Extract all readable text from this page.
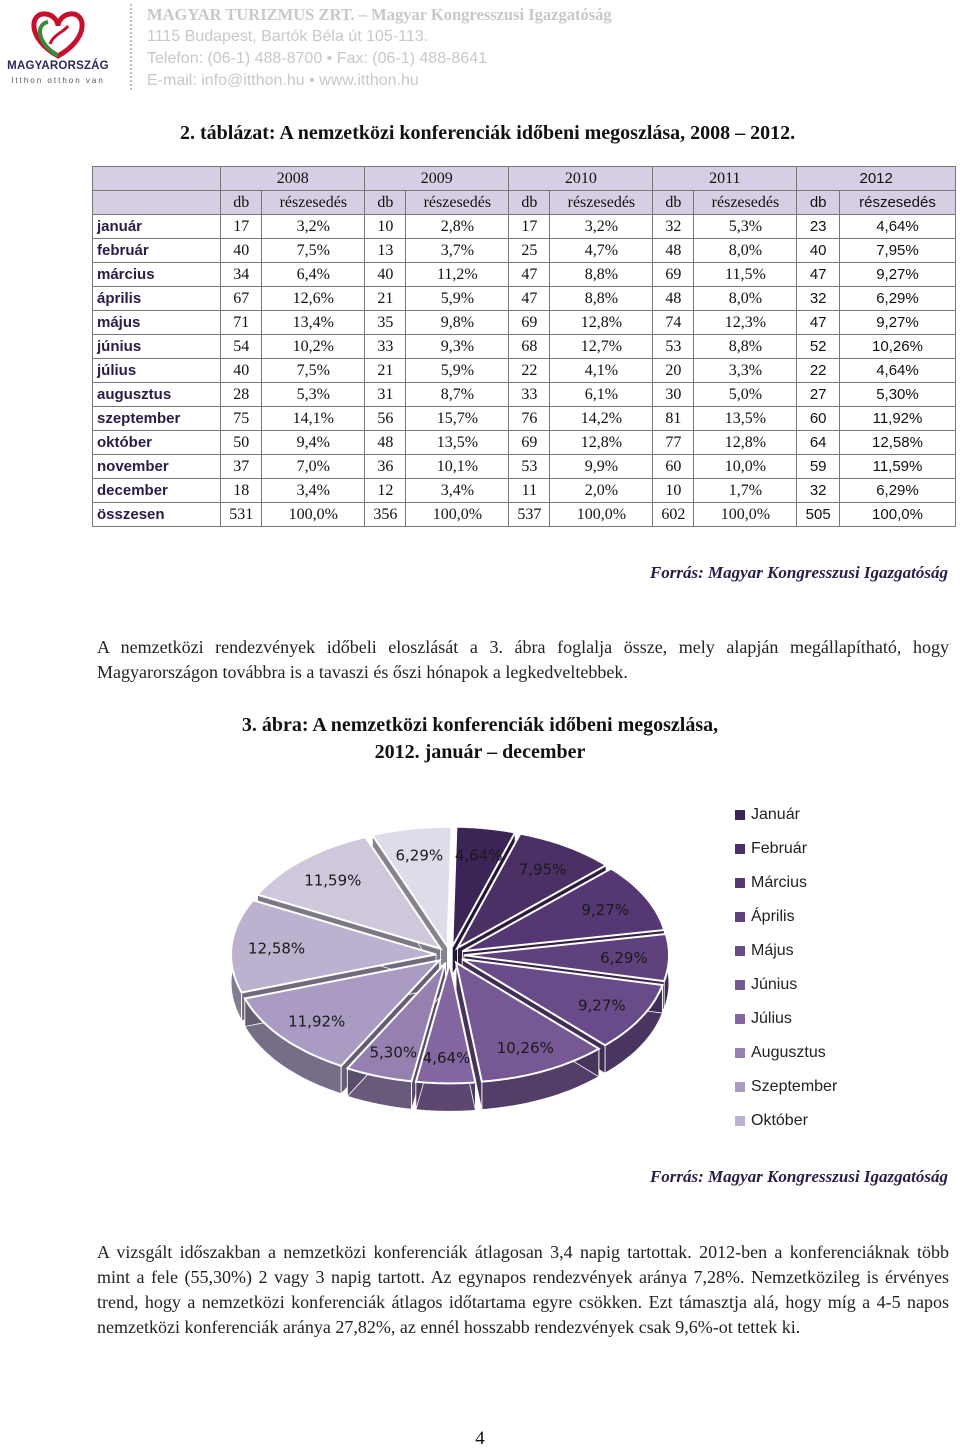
MAGYARORSZÁG
Itthon otthon van
MAGYAR TURIZMUS ZRT. – Magyar Kongresszusi Igazgatóság
1115 Budapest, Bartók Béla út 105-113.
Telefon: (06-1) 488-8700 • Fax: (06-1) 488-8641
E-mail: info@itthon.hu • www.itthon.hu
2. táblázat: A nemzetközi konferenciák időbeni megoszlása, 2008 – 2012.
	2008		2009		2010		2011		2012	
	db	részesedés	db	részesedés	db	részesedés	db	részesedés	db	részesedés
január	17	3,2%	10	2,8%	17	3,2%	32	5,3%	23	4,64%
február	40	7,5%	13	3,7%	25	4,7%	48	8,0%	40	7,95%
március	34	6,4%	40	11,2%	47	8,8%	69	11,5%	47	9,27%
április	67	12,6%	21	5,9%	47	8,8%	48	8,0%	32	6,29%
május	71	13,4%	35	9,8%	69	12,8%	74	12,3%	47	9,27%
június	54	10,2%	33	9,3%	68	12,7%	53	8,8%	52	10,26%
július	40	7,5%	21	5,9%	22	4,1%	20	3,3%	22	4,64%
augusztus	28	5,3%	31	8,7%	33	6,1%	30	5,0%	27	5,30%
szeptember	75	14,1%	56	15,7%	76	14,2%	81	13,5%	60	11,92%
október	50	9,4%	48	13,5%	69	12,8%	77	12,8%	64	12,58%
november	37	7,0%	36	10,1%	53	9,9%	60	10,0%	59	11,59%
december	18	3,4%	12	3,4%	11	2,0%	10	1,7%	32	6,29%
összesen	531	100,0%	356	100,0%	537	100,0%	602	100,0%	505	100,0%
Forrás: Magyar Kongresszusi Igazgatóság
A nemzetközi rendezvények időbeli eloszlását a 3. ábra foglalja össze, mely alapján megállapítható, hogy Magyarországon továbbra is a tavaszi és őszi hónapok a legkedveltebbek.
3. ábra: A nemzetközi konferenciák időbeni megoszlása,
2012. január – december
4,64%
7,95%
9,27%
6,29%
9,27%
10,26%
4,64%
5,30%
11,92%
12,58%
11,59%
6,29%
Január
Február
Március
Április
Május
Június
Július
Augusztus
Szeptember
Október
Forrás: Magyar Kongresszusi Igazgatóság
A vizsgált időszakban a nemzetközi konferenciák átlagosan 3,4 napig tartottak. 2012-ben a konferenciáknak több mint a fele (55,30%) 2 vagy 3 napig tartott. Az egynapos rendezvények aránya 7,28%. Nemzetközileg is érvényes trend, hogy a nemzetközi konferenciák átlagos időtartama egyre csökken. Ezt támasztja alá, hogy míg a 4-5 napos nemzetközi konferenciák aránya 27,82%, az ennél hosszabb rendezvények csak 9,6%-ot tettek ki.
4
